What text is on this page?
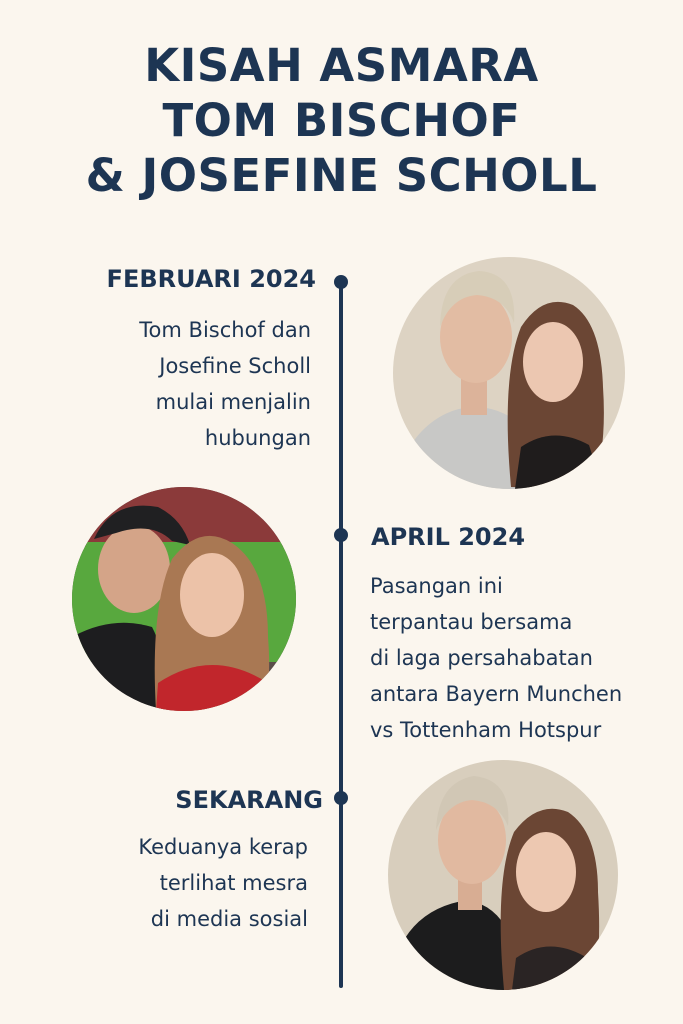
KISAH ASMARA
TOM BISCHOF
& JOSEFINE SCHOLL
FEBRUARI 2024
Tom Bischof dan
Josefine Scholl
mulai menjalin
hubungan
APRIL 2024
Pasangan ini
terpantau bersama
di laga persahabatan
antara Bayern Munchen
vs Tottenham Hotspur
SEKARANG
Keduanya kerap
terlihat mesra
di media sosial
